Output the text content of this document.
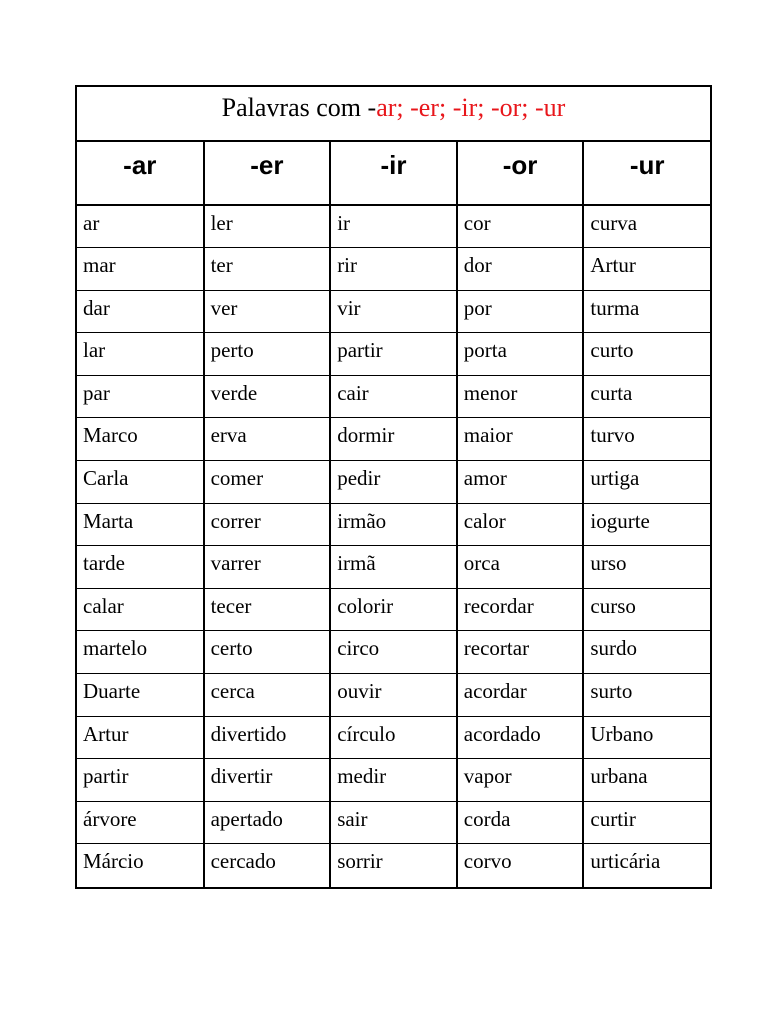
Palavras com - ar; -er; -ir; -or; -ur
-ar	-er	-ir	-or	-ur
ar	ler	ir	cor	curva
mar	ter	rir	dor	Artur
dar	ver	vir	por	turma
lar	perto	partir	porta	curto
par	verde	cair	menor	curta
Marco	erva	dormir	maior	turvo
Carla	comer	pedir	amor	urtiga
Marta	correr	irmão	calor	iogurte
tarde	varrer	irmã	orca	urso
calar	tecer	colorir	recordar	curso
martelo	certo	circo	recortar	surdo
Duarte	cerca	ouvir	acordar	surto
Artur	divertido	círculo	acordado	Urbano
partir	divertir	medir	vapor	urbana
árvore	apertado	sair	corda	curtir
Márcio	cercado	sorrir	corvo	urticária
